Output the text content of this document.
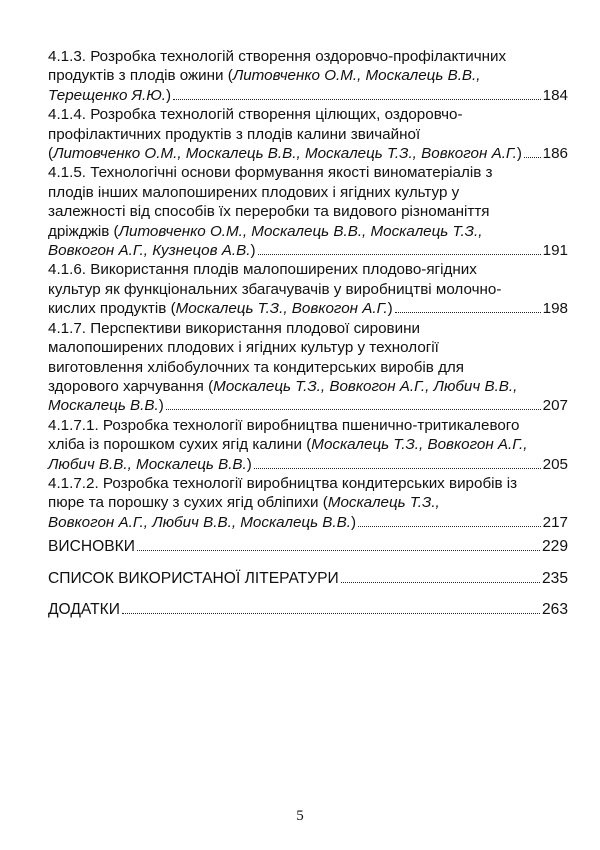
4.1.3. Розробка технологій створення оздоровчо-профілактичних

продуктів з плодів ожини (Литовченко О.М., Москалець В.В.,

Терещенко Я.Ю.)	184

4.1.4. Розробка технологій створення цілющих, оздоровчо-

профілактичних продуктів з плодів калини звичайної

(Литовченко О.М., Москалець В.В., Москалець Т.З., Вовкогон А.Г.) 186

4.1.5. Технологічні основи формування якості виноматеріалів з

плодів інших малопоширених плодових і ягідних культур у

залежності від способів їх переробки та видового різноманіття

дріжджів (Литовченко О.М., Москалець В.В., Москалець Т.З.,

Вовкогон А.Г., Кузнецов А.В.)	191

4.1.6. Використання плодів малопоширених плодово-ягідних

культур як функціональних збагачувачів у виробництві молочно-

кислих продуктів (Москалець Т.З., Вовкогон А.Г.)	198

4.1.7. Перспективи використання плодової сировини

малопоширених плодових і ягідних культур у технології

виготовлення хлібобулочних та кондитерських виробів для

здорового харчування (Москалець Т.З., Вовкогон А.Г., Любич В.В.,

Москалець В.В.)	207

4.1.7.1. Розробка технології виробництва пшенично-тритикалевого

хліба із порошком сухих ягід калини (Москалець Т.З., Вовкогон А.Г.,

Любич В.В., Москалець В.В.)	205

4.1.7.2. Розробка технології виробництва кондитерських виробів із

пюре та порошку з сухих ягід обліпихи (Москалець Т.З.,

Вовкогон А.Г., Любич В.В., Москалець В.В.)	217
ВИСНОВКИ	229
СПИСОК ВИКОРИСТАНОЇ ЛІТЕРАТУРИ	235
ДОДАТКИ	263
5
